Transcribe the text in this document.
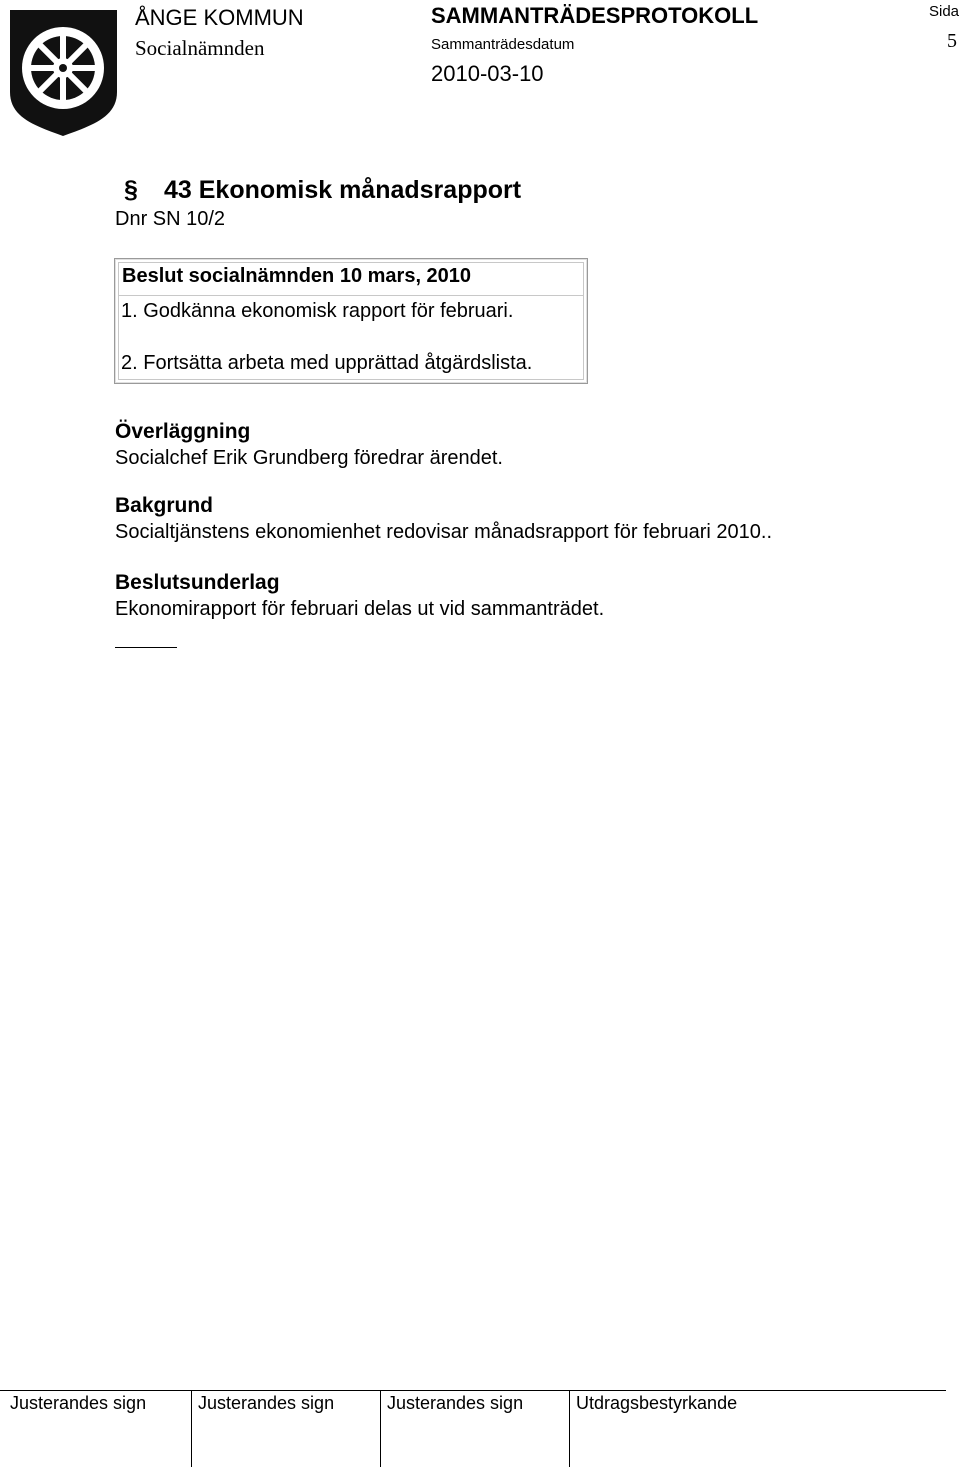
ÅNGE KOMMUN
Socialnämnden
SAMMANTRÄDESPROTOKOLL
Sammanträdesdatum
2010-03-10
Sida
5
§ 43 Ekonomisk månadsrapport
Dnr SN 10/2
Beslut socialnämnden 10 mars, 2010
1. Godkänna ekonomisk rapport för februari.
2. Fortsätta arbeta med upprättad åtgärdslista.
Överläggning
Socialchef Erik Grundberg föredrar ärendet.
Bakgrund
Socialtjänstens ekonomienhet redovisar månadsrapport för februari 2010..
Beslutsunderlag
Ekonomirapport för februari delas ut vid sammanträdet.
Justerandes sign	Justerandes sign	Justerandes sign	Utdragsbestyrkande
